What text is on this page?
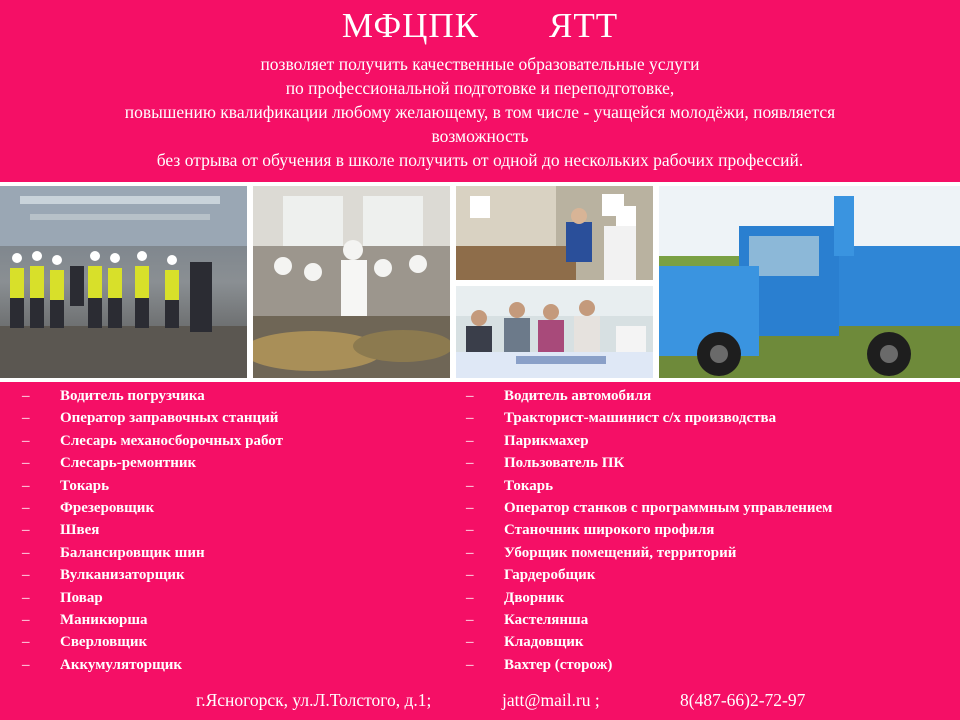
МФЦПК ЯТТ
позволяет получить качественные образовательные услуги
по профессиональной подготовке и переподготовке,
повышению квалификации любому желающему, в том числе - учащейся молодёжи, появляется
возможность
без отрыва от обучения в школе получить от одной до нескольких рабочих профессий.
– Водитель погрузчика
– Оператор заправочных станций
– Слесарь механосборочных работ
– Слесарь-ремонтник
– Токарь
– Фрезеровщик
– Швея
– Балансировщик шин
– Вулканизаторщик
– Повар
– Маникюрша
– Сверловщик
– Аккумуляторщик
– Водитель автомобиля
– Тракторист-машинист с/х производства
– Парикмахер
– Пользователь ПК
– Токарь
– Оператор станков с программным управлением
– Станочник широкого профиля
– Уборщик помещений, территорий
– Гардеробщик
– Дворник
– Кастелянша
– Кладовщик
– Вахтер (сторож)
г.Ясногорск, ул.Л.Толстого, д.1;	jatt@mail.ru ;	8(487-66)2-72-97
